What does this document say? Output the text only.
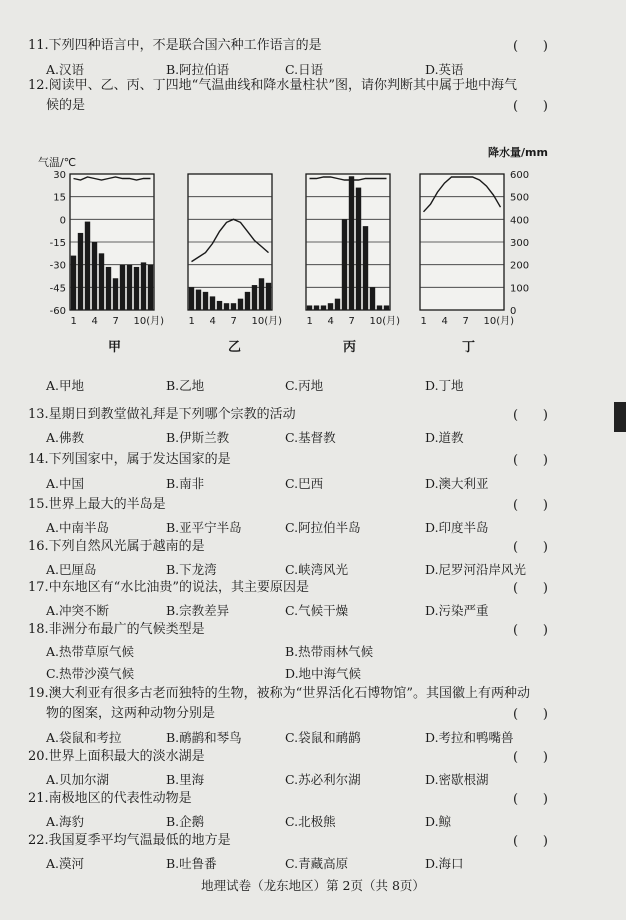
11.下列四种语言中，不是联合国六种工作语言的是	(      )
A.汉语	B.阿拉伯语	C.日语	D.英语
12.阅读甲、乙、丙、丁四地“气温曲线和降水量柱状”图，请你判断其中属于地中海气
候的是	(      )
A.甲地	B.乙地	C.丙地	D.丁地
13.星期日到教堂做礼拜是下列哪个宗教的活动	(      )
A.佛教	B.伊斯兰教	C.基督教	D.道教
14.下列国家中，属于发达国家的是	(      )
A.中国	B.南非	C.巴西	D.澳大利亚
15.世界上最大的半岛是	(      )
A.中南半岛	B.亚平宁半岛	C.阿拉伯半岛	D.印度半岛
16.下列自然风光属于越南的是	(      )
A.巴厘岛	B.下龙湾	C.峡湾风光	D.尼罗河沿岸风光
17.中东地区有“水比油贵”的说法，其主要原因是	(      )
A.冲突不断	B.宗教差异	C.气候干燥	D.污染严重
18.非洲分布最广的气候类型是	(      )
A.热带草原气候	B.热带雨林气候
C.热带沙漠气候	D.地中海气候
19.澳大利亚有很多古老而独特的生物，被称为“世界活化石博物馆”。其国徽上有两种动
物的图案，这两种动物分别是	(      )
A.袋鼠和考拉	B.鸸鹋和琴鸟	C.袋鼠和鸸鹋	D.考拉和鸭嘴兽
20.世界上面积最大的淡水湖是	(      )
A.贝加尔湖	B.里海	C.苏必利尔湖	D.密歇根湖
21.南极地区的代表性动物是	(      )
A.海豹	B.企鹅	C.北极熊	D.鲸
22.我国夏季平均气温最低的地方是	(      )
A.漠河	B.吐鲁番	C.青藏高原	D.海口
1 4 7 10(月) 1 4 7 10(月) 1 4 7 10(月) 1 4 7 10(月)
气温/℃
30
15
0
-15
-30
-45
-60
降水量/mm
600
500
400
300
200
100
0
甲	乙	丙	丁
地理试卷（龙东地区）第 2页（共 8页）
